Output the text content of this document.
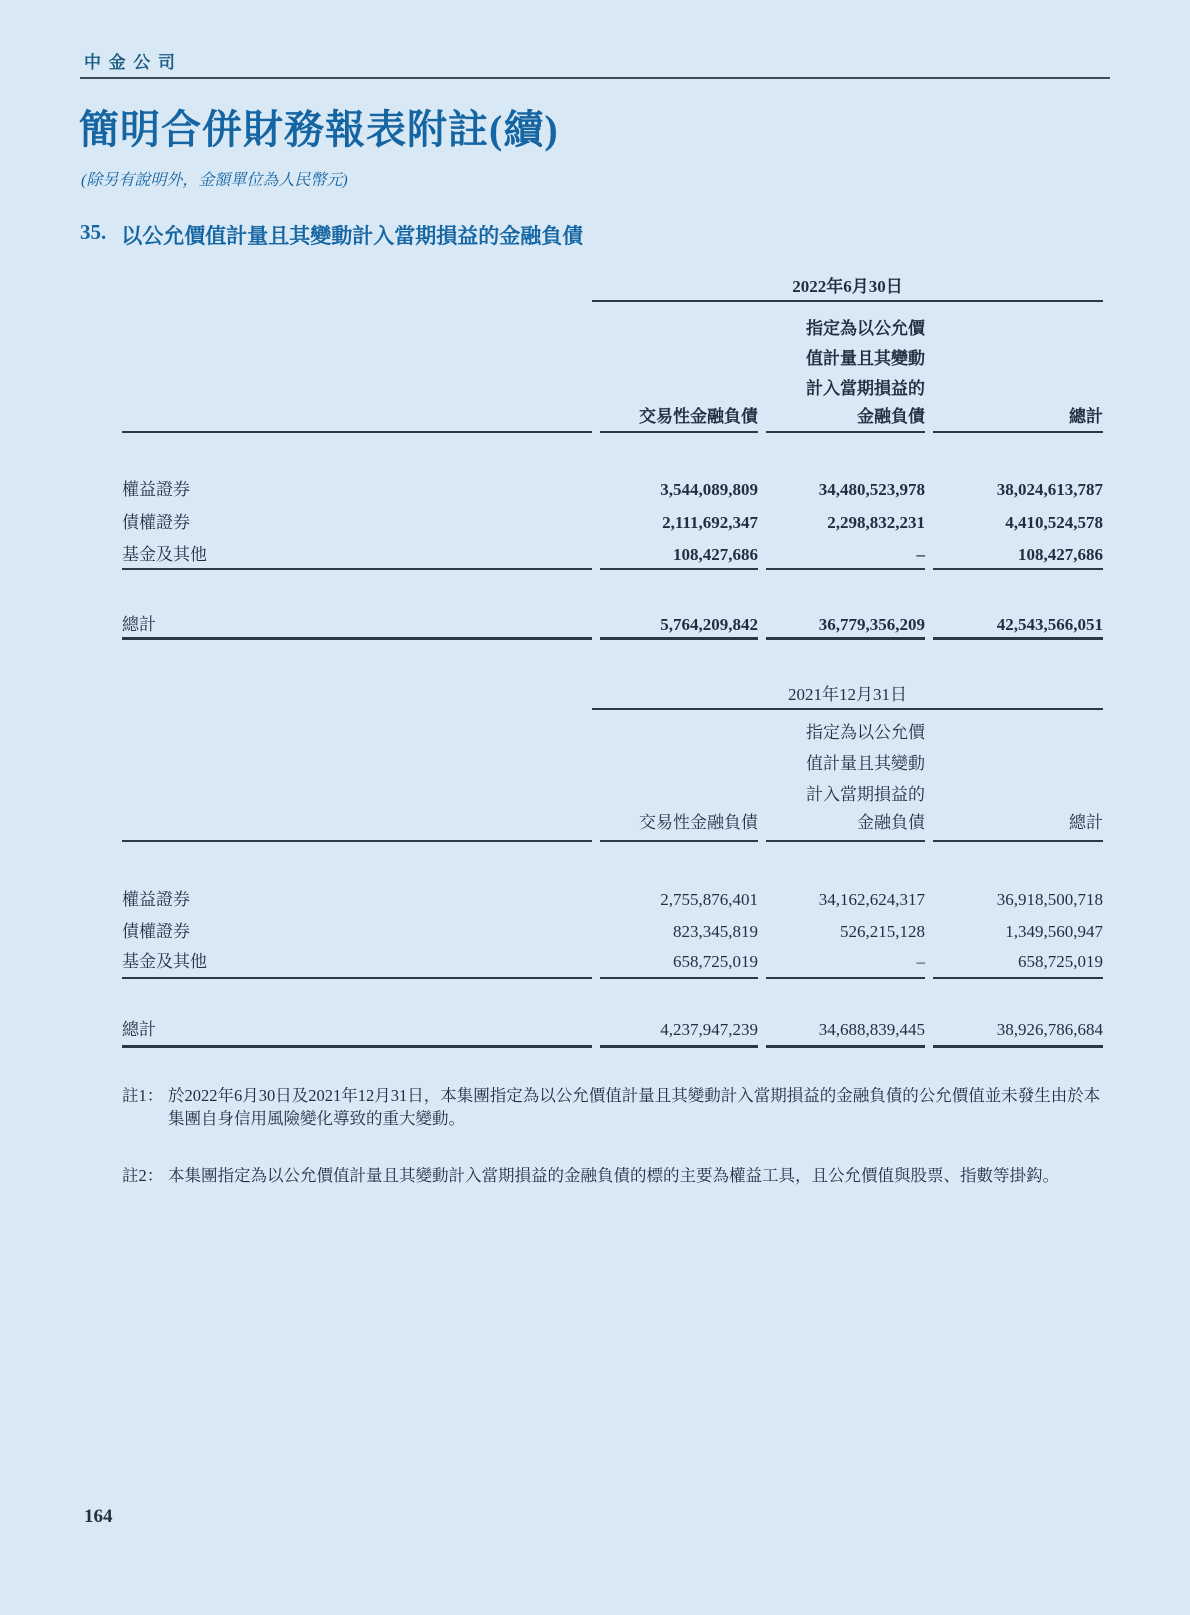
中金公司
簡明合併財務報表附註(續)
(除另有說明外，金額單位為人民幣元)
35. 以公允價值計量且其變動計入當期損益的金融負債
2022年6月30日
指定為以公允價
值計量且其變動
計入當期損益的
交易性金融負債	金融負債	總計
權益證券	3,544,089,809	34,480,523,978	38,024,613,787
債權證券	2,111,692,347	2,298,832,231	4,410,524,578
基金及其他	108,427,686	–	108,427,686
總計	5,764,209,842	36,779,356,209	42,543,566,051
2021年12月31日
指定為以公允價
值計量且其變動
計入當期損益的
交易性金融負債	金融負債	總計
權益證券	2,755,876,401	34,162,624,317	36,918,500,718
債權證券	823,345,819	526,215,128	1,349,560,947
基金及其他	658,725,019	–	658,725,019
總計	4,237,947,239	34,688,839,445	38,926,786,684
註1： 於2022年6月30日及2021年12月31日，本集團指定為以公允價值計量且其變動計入當期損益的金融負債的公允價值並未發生由於本集團自身信用風險變化導致的重大變動。
註2： 本集團指定為以公允價值計量且其變動計入當期損益的金融負債的標的主要為權益工具，且公允價值與股票、指數等掛鈎。
164
